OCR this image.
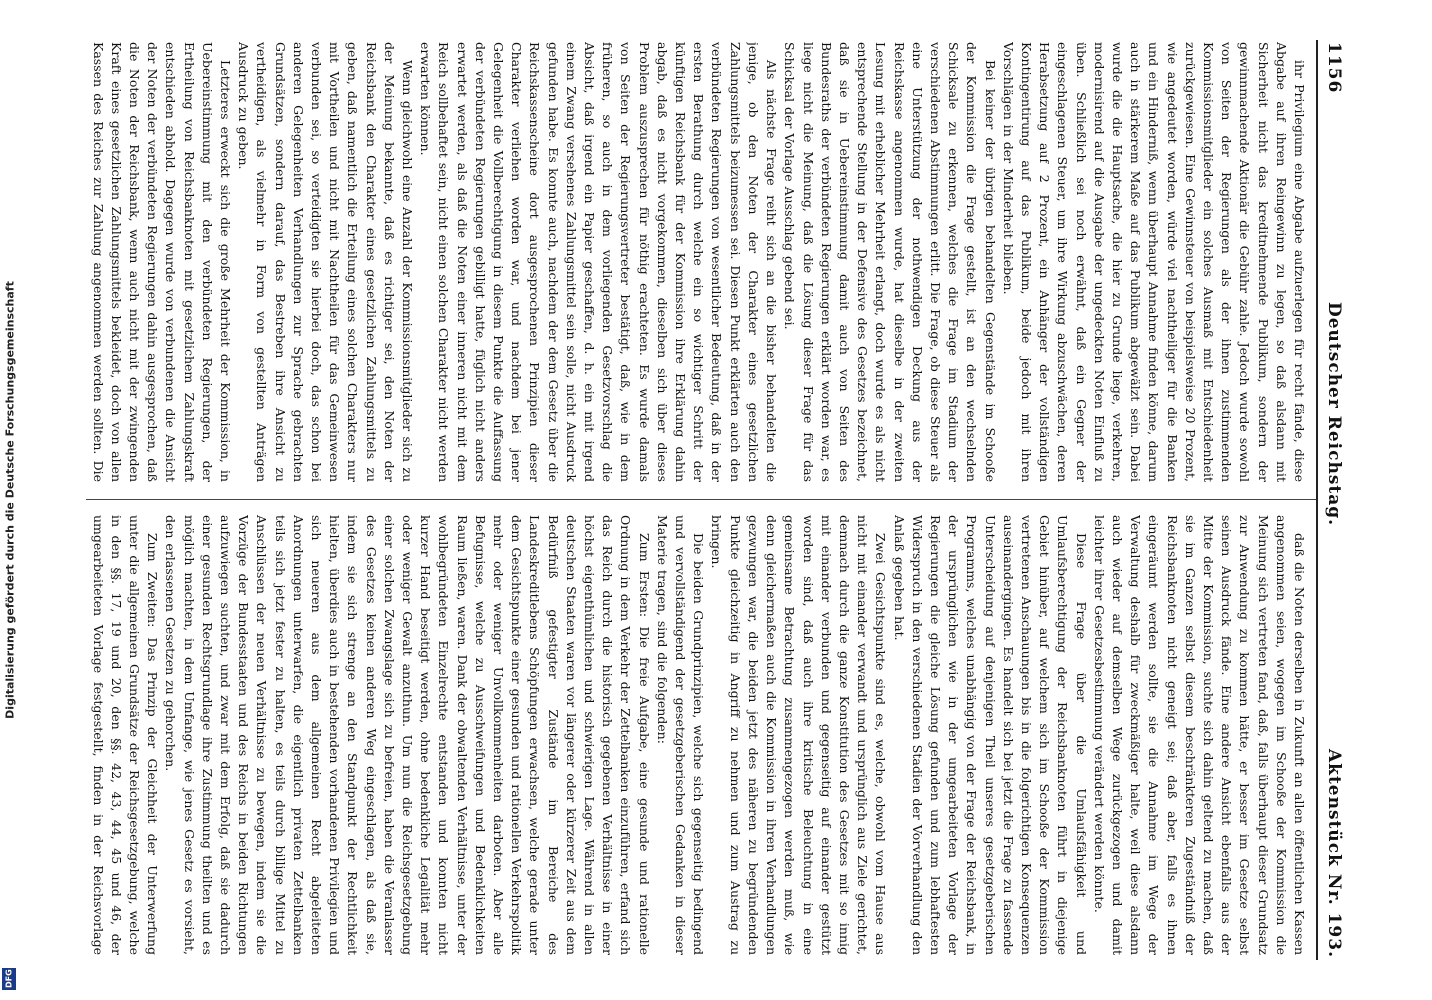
1156
Deutscher Reichstag.
Aktenstück Nr. 193.

ihr Privilegium eine Abgabe aufzuerlegen für recht fände, diese Abgabe auf ihren Reingewinn zu legen, so daß alsdann mit Sicherheit nicht das kreditnehmende Publikum, sondern der gewinnmachende Aktionär die Gebühr zahle. Jedoch wurde sowohl von Seiten der Regierungen als der ihnen zustimmenden Kommissionsmitglieder ein solches Ausmaß mit Entschiedenheit zurückgewiesen. Eine Gewinnsteuer von beispielsweise 20 Prozent, wie angedeutet worden, würde viel nachtheiliger für die Banken und ein Hinderniß, wenn überhaupt Annahme finden könne, darum auch in stärkerem Maße auf das Publikum abgewälzt sein. Dabei wurde die die Hauptsache, die hier zu Grunde liege, verkehren, modernisirend auf die Ausgabe der ungedeckten Noten Einfluß zu üben. Schließlich sei noch erwähnt, daß ein Gegner der eingeschlagenen Steuer, um ihre Wirkung abzuschwächen, deren Herabsetzung auf 2 Prozent, ein Anhänger der vollständigen Kontingentirung auf das Publikum, beide jedoch mit ihren Vorschlägen in der Minderheit blieben.

Bei keiner der übrigen behandelten Gegenstände im Schooße der Kommission die Frage gestellt, ist an den wechselnden Schicksale zu erkennen, welches die Frage im Stadium der verschiedenen Abstimmungen erlitt. Die Frage, ob diese Steuer als eine Unterstützung der nothwendigen Deckung aus der Reichskasse angenommen wurde, hat dieselbe in der zweiten Lesung mit erheblicher Mehrheit erlangt, doch wurde es als nicht entsprechende Stellung in der Defensive des Gesetzes bezeichnet, daß sie in Uebereinstimmung damit auch von Seiten des Bundesraths der verbündeten Regierungen erklärt worden war, es liege nicht die Meinung, daß die Lösung dieser Frage für das Schicksal der Vorlage Ausschlag gebend sei.

Als nächste Frage reiht sich an die bisher behandelten die jenige, ob den Noten der Charakter eines gesetzlichen Zahlungsmittels beizumessen sei. Diesen Punkt erklärten auch den verbündeten Regierungen von wesentlicher Bedeutung, daß in der ersten Berathung durch welche ein so wichtiger Schritt der künftigen Reichsbank für der Kommission ihre Erklärung dahin abgab, daß es nicht vorgekommen, dieselben sich über dieses Problem auszusprechen für nöthig erachteten. Es wurde damals von Seiten der Regierungsvertreter bestätigt, daß, wie in dem früheren, so auch in dem vorliegenden Gesetzvorschlag die Absicht, daß irgend ein Papier geschaffen, d. h. ein mit irgend einem Zwang versehenes Zahlungsmittel sein solle, nicht Ausdruck gefunden habe. Es konnte auch, nachdem der dem Gesetz über die Reichskassenscheine dort ausgesprochenen Prinzipien dieser Charakter verliehen worden war, und nachdem bei jener Gelegenheit die Vollberechtigung in diesem Punkte die Auffassung der verbündeten Regierungen gebilligt hatte, füglich nicht anders erwartet werden, als daß die Noten einer inneren nicht mit dem Reich sollbehaftet sein, nicht einen solchen Charakter nicht werden erwarten können.

Wenn gleichwohl eine Anzahl der Kommissionsmitglieder sich zu der Meinung bekannte, daß es richtiger sei, den Noten der Reichsbank den Charakter eines gesetzlichen Zahlungsmittels zu geben, daß namentlich die Erteilung eines solchen Charakters nur mit Vortheilen und nicht mit Nachtheilen für das Gemeinwesen verbunden sei, so verteidigten sie hierbei doch, das schon bei anderen Gelegenheiten Verhandlungen zur Sprache gebrachten Grundsätzen, sondern darauf, das Bestreben ihre Ansicht zu vertheidigen, als vielmehr in Form von gestellten Anträgen Ausdruck zu geben.

Letzteres erweckt sich die große Mehrheit der Kommission, in Uebereinstimmung mit den verbündeten Regierungen, der Ertheilung von Reichsbanknoten mit gesetzlichem Zahlungskraft entschieden abhold. Dagegen wurde von verbundenen die Ansicht der Noten der verbündeten Regierungen dahin ausgesprochen, daß die Noten der Reichsbank, wenn auch nicht mit der zwingenden Kraft eines gesetzlichen Zahlungsmittels bekleidet, doch von allen Kassen des Reiches zur Zahlung angenommen werden sollten. Die

daß die Noten derselben in Zukunft an allen öffentlichen Kassen angenommen seien, wogegen im Schooße der Kommission die Meinung sich vertreten fand, daß, falls überhaupt dieser Grundsatz zur Anwendung zu kommen hätte, er besser im Gesetze selbst seinen Ausdruck fände. Eine andere Ansicht ebenfalls aus der Mitte der Kommission, suchte sich dahin geltend zu machen, daß sie im Ganzen selbst diesem beschränkteren Zugeständniß der Reichsbanknoten nicht geneigt sei; daß aber, falls es ihnen eingeräumt werden sollte, sie die Annahme im Wege der Verwaltung deshalb für zweckmäßiger halte, weil diese alsdann auch wieder auf demselben Wege zurückgezogen und damit leichter ihrer Gesetzesbestimmung verändert werden könnte.

Diese Frage über die Umlaufsfähigkeit und Umlaufsberechtigung der Reichsbanknoten führt in diejenige Gebiet hinüber, auf welchem sich im Schooße der Kommission vertretenen Anschauungen bis in die folgerichtigen Konsequenzen auseinandergingen. Es handelt sich bei jetzt die Frage zu fassende Unterscheidung auf denjenigen Theil unseres gesetzgeberischen Programms, welches unabhängig von der Frage der Reichsbank, in der ursprünglichen wie in der umgearbeiteten Vorlage der Regierungen die gleiche Lösung gefunden und zum lebhaftesten Widerspruch in den verschiedenen Stadien der Vorverhandlung den Anlaß gegeben hat.

Zwei Gesichtspunkte sind es, welche, obwohl vom Hause aus nicht mit einander verwandt und ursprünglich aus Ziele gerichtet, demnach durch die ganze Konstitution des Gesetzes mit so innig mit einander verbunden und gegenseitig auf einander gestützt worden sind, daß auch ihre kritische Beleuchtung in eine gemeinsame Betrachtung zusammengezogen werden muß, wie denn gleichermaßen auch die Kommission in ihren Verhandlungen gezwungen war, die beiden jetzt des näheren zu begründenden Punkte gleichzeitig in Angriff zu nehmen und zum Austrag zu bringen.

Die beiden Grundprinzipien, welche sich gegenseitig bedingend und vervollständigend der gesetzgeberischen Gedanken in dieser Materie tragen, sind die folgenden:

Zum Ersten: Die freie Aufgabe, eine gesunde und rationelle Ordnung in dem Verkehr der Zettelbanken einzuführen, erfand sich das Reich durch die historisch gegebenen Verhältnisse in einer höchst eigenthümlichen und schwierigen Lage. Während in allen deutschen Staaten waren vor längerer oder kürzerer Zeit aus dem Bedürfniß gefestigter Zustände im Bereiche des Landeskreditlebens Schöpfungen erwachsen, welche gerade unter dem Gesichtspunkte einer gesunden und rationellen Verkehrspolitik mehr oder weniger Unvollkommenheiten darboten. Aber alle Befugnisse, welche zu Ausschweifungen und Bedenklichkeiten Raum ließen, waren. Dank der obwaltenden Verhältnisse, unter der wohlbegründeten Einzelrechte entstanden und konnten nicht kurzer Hand beseitigt werden, ohne bedenkliche Legalität mehr oder weniger Gewalt anzuthun. Um nun die Reichsgesetzgebung einer solchen Zwangslage sich zu befreien, haben die Veranlasser des Gesetzes keinen anderen Weg eingeschlagen, als daß sie, indem sie sich strenge an den Standpunkt der Rechtlichkeit hielten, überdies auch in bestehenden vorhandenen Privilegien und sich neueren aus dem allgemeinen Recht abgeleiteten Anordnungen unterwarfen, die eigentlich privaten Zettelbanken teils sich jetzt fester zu halten, es teils durch billige Mittel zu Anschlüssen der neuen Verhältnisse zu bewegen, indem sie die Vorzüge der Bundesstaaten und des Reichs in beiden Richtungen aufzuwiegen suchten, und zwar mit dem Erfolg, daß sie dadurch einer gesunden Rechtsgrundlage ihre Zustimmung theilten und es möglich machten, in dem Umfange, wie jenes Gesetz es vorsieht, den erlassenen Gesetzen zu gehorchen.

Zum Zweiten: Das Prinzip der Gleichheit der Unterwerfung unter die allgemeinen Grundsätze der Reichsgesetzgebung, welche in den §§. 17, 19 und 20, den §§. 42, 43, 44, 45 und 46, der umgearbeiteten Vorlage festgestellt, finden in der Reichsvorlage

Digitalisierung gefördert durch die Deutsche Forschungsgemeinschaft
DFG
